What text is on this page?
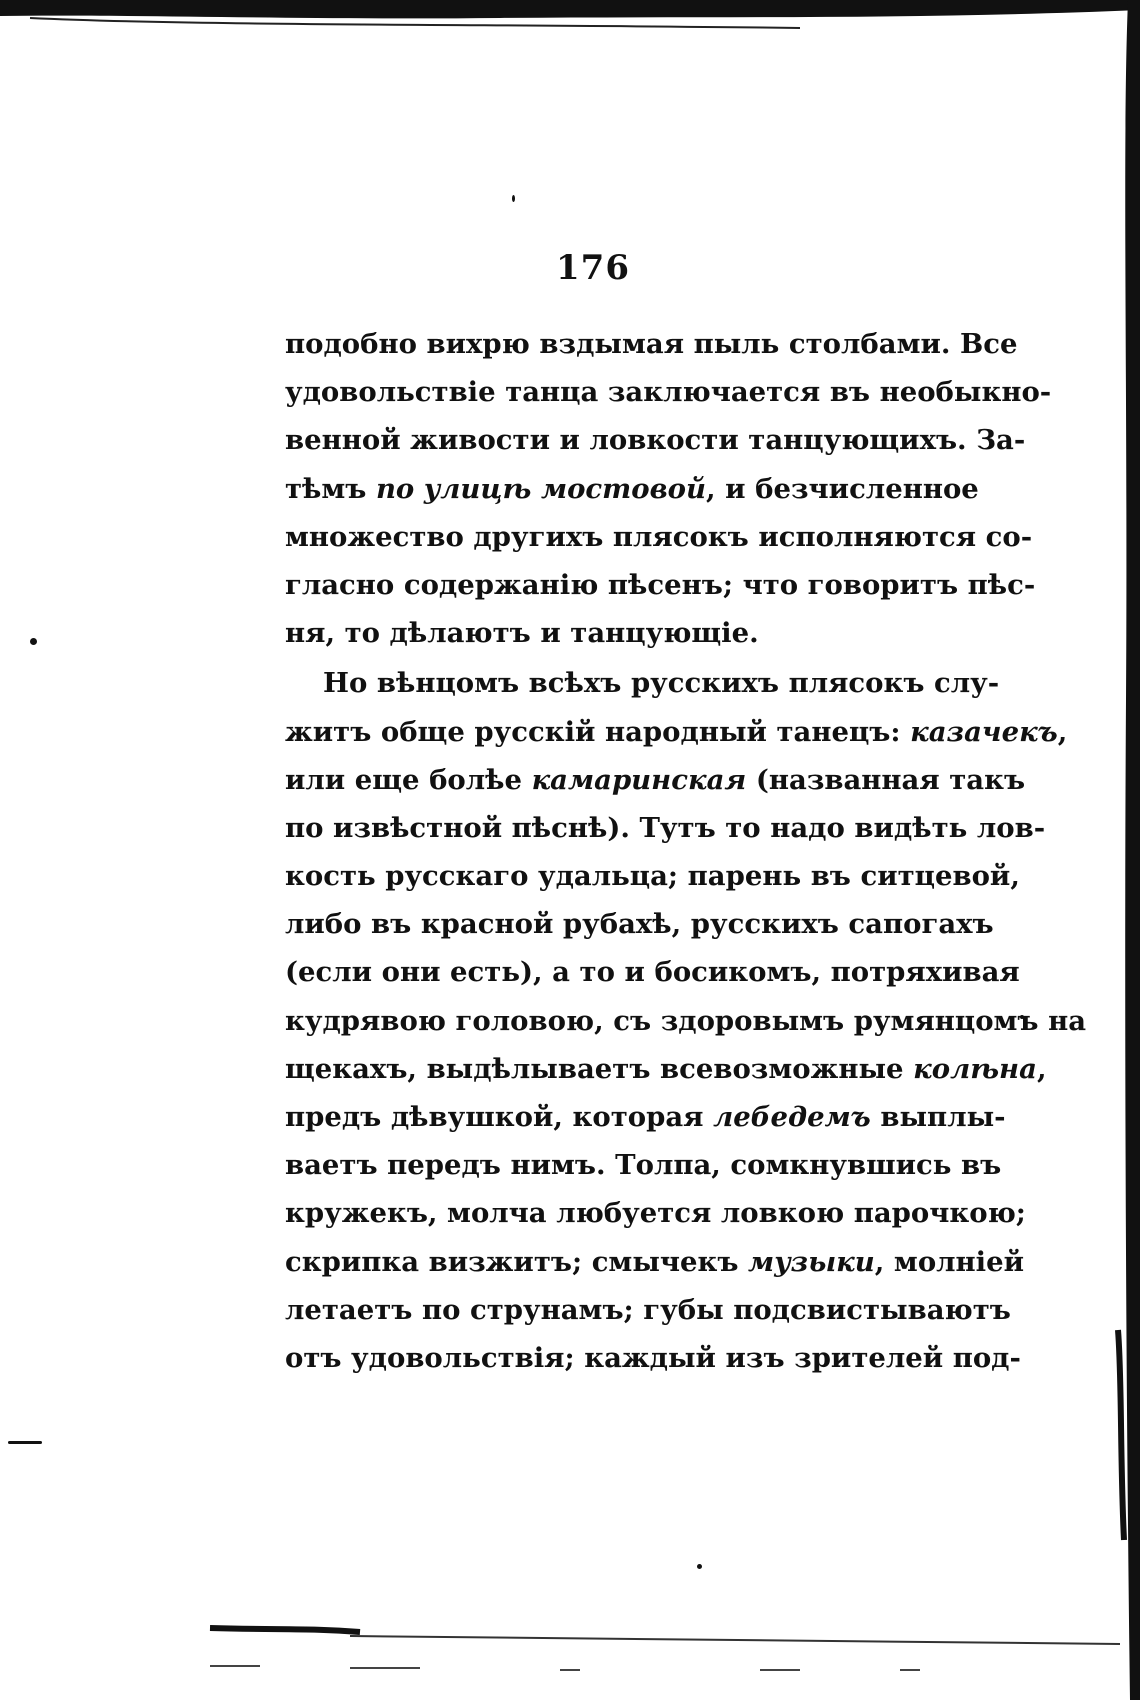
176
подобно вихрю вздымая пыль столбами. Все
удовольствіе танца заключается въ необыкно-
венной живости и ловкости танцующихъ. За-
тѣмъ по улицѣ мостовой, и безчисленное
множество другихъ плясокъ исполняются со-
гласно содержанію пѣсенъ; что говоритъ пѣс-
ня, то дѣлаютъ и танцующіе.
Но вѣнцомъ всѣхъ русскихъ плясокъ слу-
житъ обще русскій народный танецъ: казачекъ,
или еще болѣе камаринская (названная такъ
по извѣстной пѣснѣ). Тутъ то надо видѣть лов-
кость русскаго удальца; парень въ ситцевой,
либо въ красной рубахѣ, русскихъ сапогахъ
(если они есть), а то и босикомъ, потряхивая
кудрявою головою, съ здоровымъ румянцомъ на
щекахъ, выдѣлываетъ всевозможные колѣна,
предъ дѣвушкой, которая лебедемъ выплы-
ваетъ передъ нимъ. Толпа, сомкнувшись въ
кружекъ, молча любуется ловкою парочкою;
скрипка визжитъ; смычекъ музыки, молніей
летаетъ по струнамъ; губы подсвистываютъ
отъ удовольствія; каждый изъ зрителей под-
